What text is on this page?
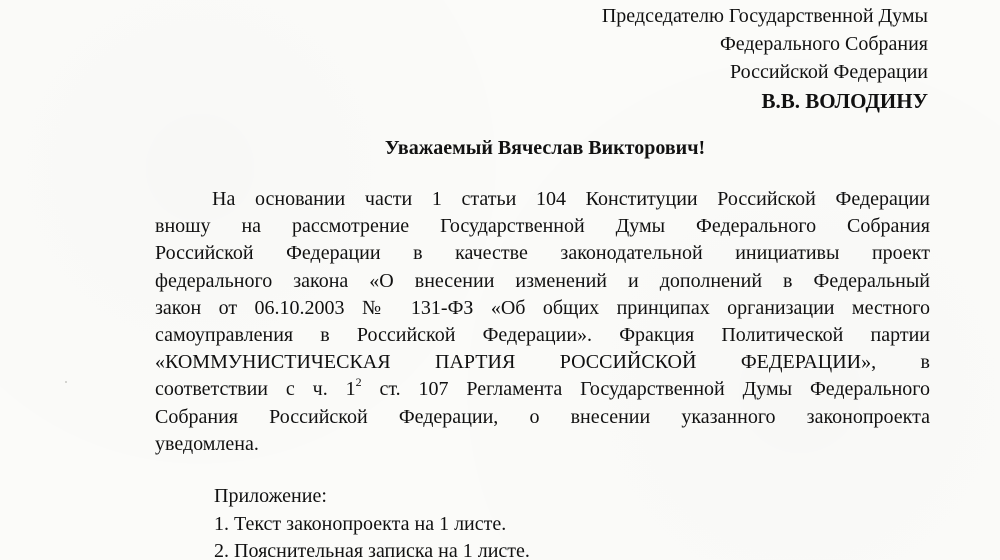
Председателю Государственной Думы
Федерального Собрания
Российской Федерации
В.В. ВОЛОДИНУ
Уважаемый Вячеслав Викторович!
На основании части 1 статьи 104 Конституции Российской Федерации
вношу на рассмотрение Государственной Думы Федерального Собрания
Российской Федерации в качестве законодательной инициативы проект
федерального закона «О внесении изменений и дополнений в Федеральный
закон от 06.10.2003 № 131-ФЗ «Об общих принципах организации местного
самоуправления в Российской Федерации». Фракция Политической партии
«КОММУНИСТИЧЕСКАЯ ПАРТИЯ РОССИЙСКОЙ ФЕДЕРАЦИИ», в
соответствии с ч. $1^2$ ст. 107 Регламента Государственной Думы Федерального
Собрания Российской Федерации, о внесении указанного законопроекта
уведомлена.
Приложение:
1. Текст законопроекта на 1 листе.
2. Пояснительная записка на 1 листе.
